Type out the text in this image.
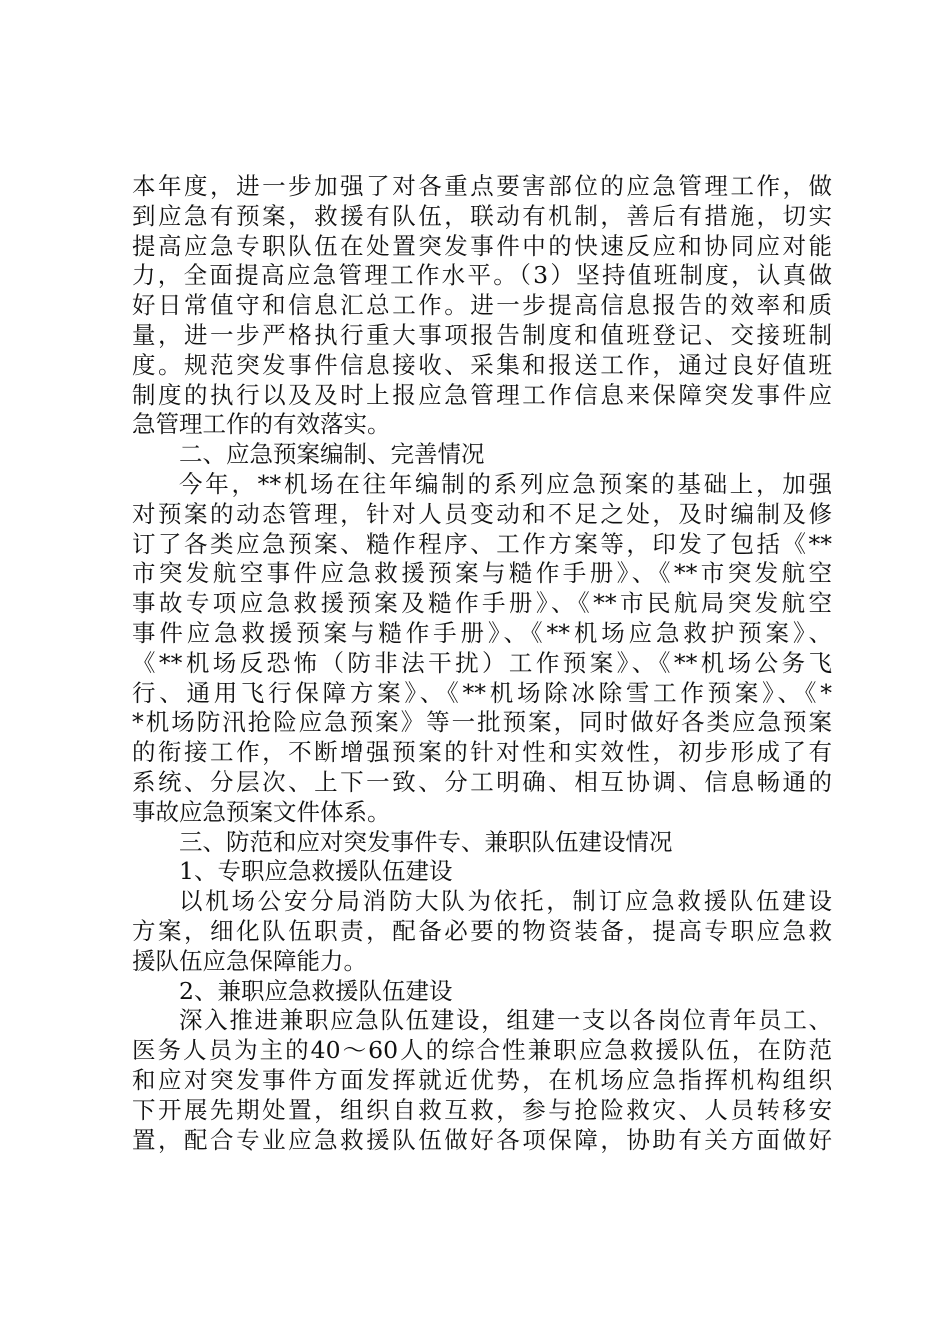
本年度，进一步加强了对各重点要害部位的应急管理工作，做
到应急有预案，救援有队伍，联动有机制，善后有措施，切实
提高应急专职队伍在处置突发事件中的快速反应和协同应对能
力，全面提高应急管理工作水平。（3）坚持值班制度，认真做
好日常值守和信息汇总工作。进一步提高信息报告的效率和质
量，进一步严格执行重大事项报告制度和值班登记、交接班制
度。规范突发事件信息接收、采集和报送工作，通过良好值班
制度的执行以及及时上报应急管理工作信息来保障突发事件应
急管理工作的有效落实。
二、应急预案编制、完善情况
今年，**机场在往年编制的系列应急预案的基础上，加强
对预案的动态管理，针对人员变动和不足之处，及时编制及修
订了各类应急预案、糙作程序、工作方案等，印发了包括《**
市突发航空事件应急救援预案与糙作手册》、《**市突发航空
事故专项应急救援预案及糙作手册》、《**市民航局突发航空
事件应急救援预案与糙作手册》、《**机场应急救护预案》、
《**机场反恐怖（防非法干扰）工作预案》、《**机场公务飞
行、通用飞行保障方案》、《**机场除冰除雪工作预案》、《*
*机场防汛抢险应急预案》等一批预案，同时做好各类应急预案
的衔接工作，不断增强预案的针对性和实效性，初步形成了有
系统、分层次、上下一致、分工明确、相互协调、信息畅通的
事故应急预案文件体系。
三、防范和应对突发事件专、兼职队伍建设情况
1、专职应急救援队伍建设
以机场公安分局消防大队为依托，制订应急救援队伍建设
方案，细化队伍职责，配备必要的物资装备，提高专职应急救
援队伍应急保障能力。
2、兼职应急救援队伍建设
深入推进兼职应急队伍建设，组建一支以各岗位青年员工、
医务人员为主的40～60人的综合性兼职应急救援队伍，在防范
和应对突发事件方面发挥就近优势，在机场应急指挥机构组织
下开展先期处置，组织自救互救，参与抢险救灾、人员转移安
置，配合专业应急救援队伍做好各项保障，协助有关方面做好
